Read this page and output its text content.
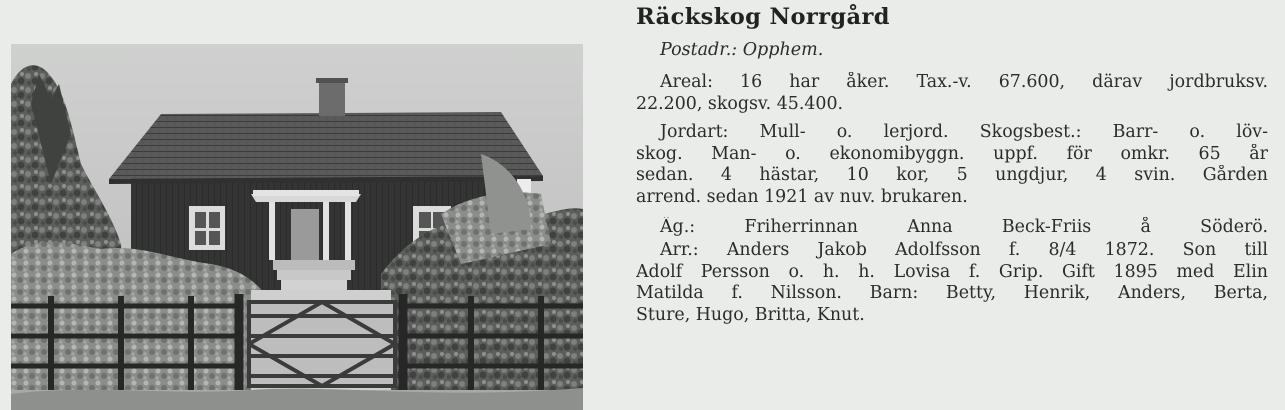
Räckskog Norrgård
Postadr.: Opphem.

Areal: 16 har åker. Tax.-v. 67.600, därav jordbruksv.
22.200, skogsv. 45.400.

Jordart: Mull- o. lerjord. Skogsbest.: Barr- o. löv-
skog. Man- o. ekonomibyggn. uppf. för omkr. 65 år
sedan. 4 hästar, 10 kor, 5 ungdjur, 4 svin. Gården
arrend. sedan 1921 av nuv. brukaren.

Äg.: Friherrinnan Anna Beck-Friis å Söderö.

Arr.: Anders Jakob Adolfsson f. 8/4 1872. Son till
Adolf Persson o. h. h. Lovisa f. Grip. Gift 1895 med Elin
Matilda f. Nilsson. Barn: Betty, Henrik, Anders, Berta,
Sture, Hugo, Britta, Knut.
